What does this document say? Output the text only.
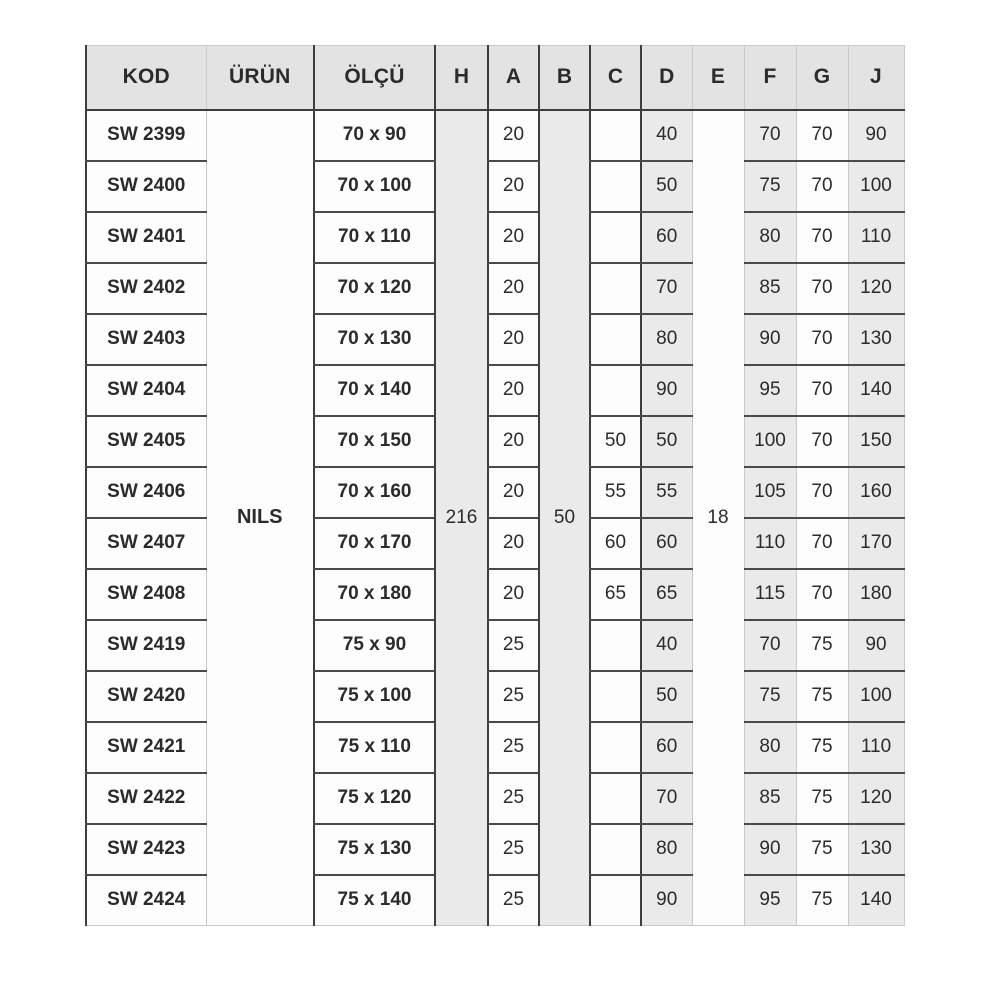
KOD	ÜRÜN	ÖLÇÜ	H	A	B	C	D	E	F	G	J
SW 2399	NILS	70 x 90	216	20	50		40	18	70	70	90
SW 2400		70 x 100		20			50		75	70	100
SW 2401		70 x 110		20			60		80	70	110
SW 2402		70 x 120		20			70		85	70	120
SW 2403		70 x 130		20			80		90	70	130
SW 2404		70 x 140		20			90		95	70	140
SW 2405		70 x 150		20		50	50		100	70	150
SW 2406		70 x 160		20		55	55		105	70	160
SW 2407		70 x 170		20		60	60		110	70	170
SW 2408		70 x 180		20		65	65		115	70	180
SW 2419		75 x 90		25			40		70	75	90
SW 2420		75 x 100		25			50		75	75	100
SW 2421		75 x 110		25			60		80	75	110
SW 2422		75 x 120		25			70		85	75	120
SW 2423		75 x 130		25			80		90	75	130
SW 2424		75 x 140		25			90		95	75	140
